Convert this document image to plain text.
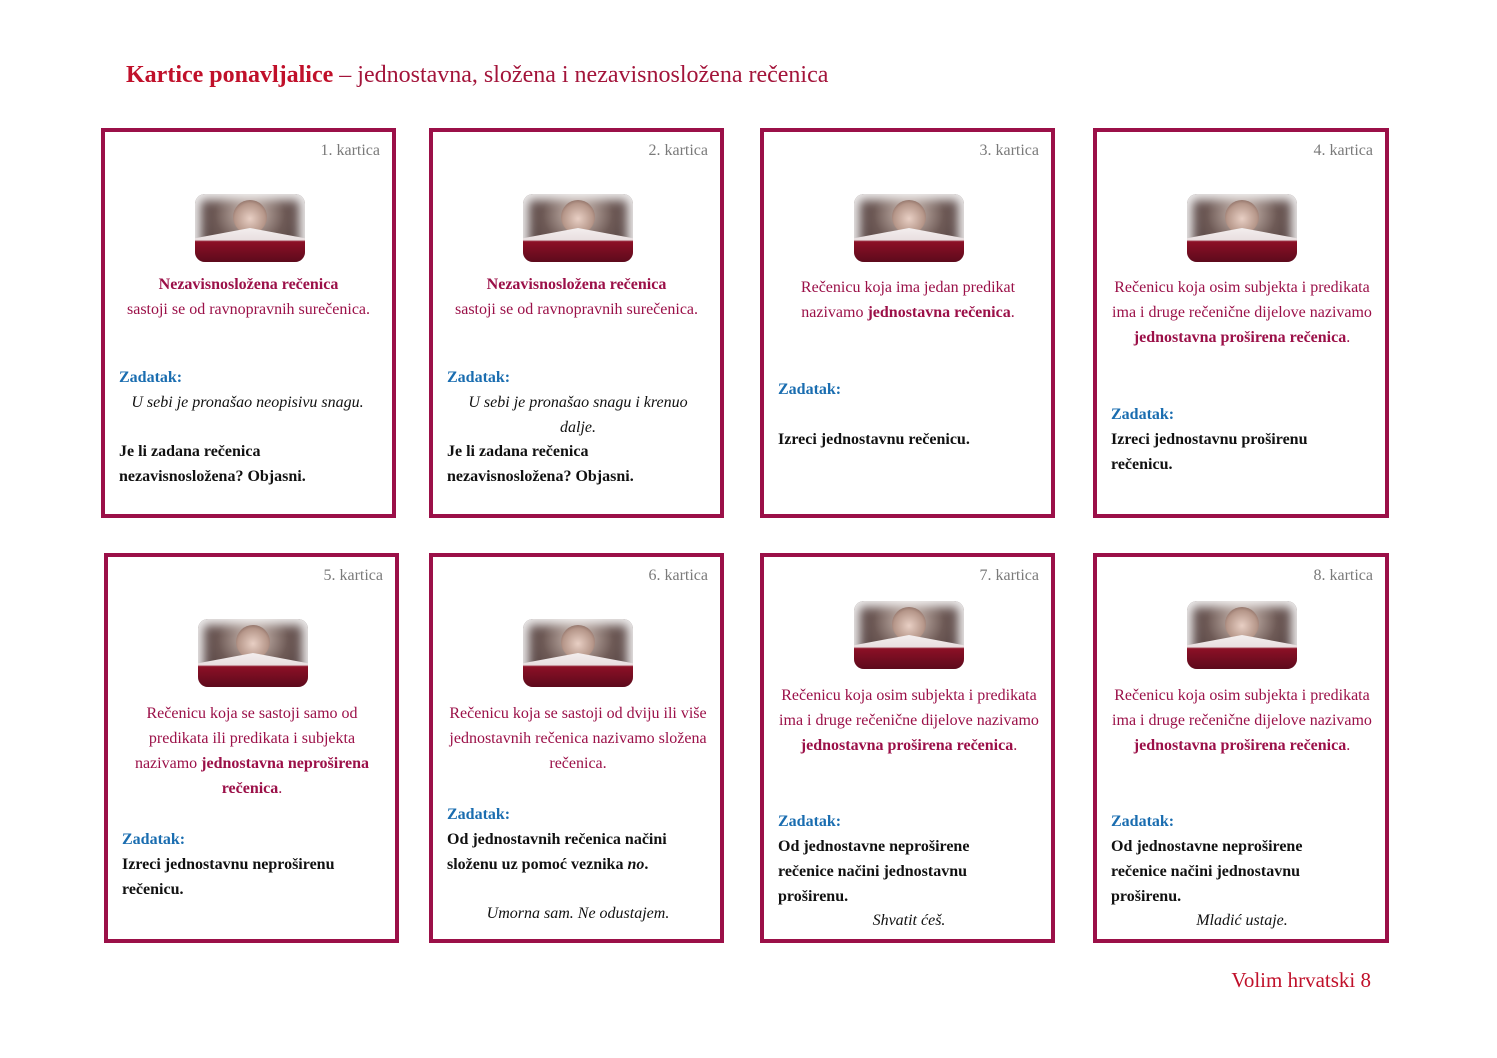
Kartice ponavljalice – jednostavna, složena i nezavisnosložena rečenica
1. kartica
Nezavisnosložena rečenica
sastoji se od ravnopravnih surečenica.
Zadatak:
U sebi je pronašao neopisivu snagu.
Je li zadana rečenica nezavisnosložena? Objasni.
2. kartica
Nezavisnosložena rečenica
sastoji se od ravnopravnih surečenica.
Zadatak:
U sebi je pronašao snagu i krenuo dalje.
Je li zadana rečenica nezavisnosložena? Objasni.
3. kartica
Rečenicu koja ima jedan predikat nazivamo jednostavna rečenica.
Zadatak:
Izreci jednostavnu rečenicu.
4. kartica
Rečenicu koja osim subjekta i predikata ima i druge rečenične dijelove nazivamo jednostavna proširena rečenica.
Zadatak:
Izreci jednostavnu proširenu rečenicu.
5. kartica
Rečenicu koja se sastoji samo od predikata ili predikata i subjekta nazivamo jednostavna neproširena rečenica.
Zadatak:
Izreci jednostavnu neproširenu rečenicu.
6. kartica
Rečenicu koja se sastoji od dviju ili više jednostavnih rečenica nazivamo složena rečenica.
Zadatak:
Od jednostavnih rečenica načini složenu uz pomoć veznika no.
Umorna sam. Ne odustajem.
7. kartica
Rečenicu koja osim subjekta i predikata ima i druge rečenične dijelove nazivamo jednostavna proširena rečenica.
Zadatak:
Od jednostavne neproširene rečenice načini jednostavnu proširenu.
Shvatit ćeš.
8. kartica
Rečenicu koja osim subjekta i predikata ima i druge rečenične dijelove nazivamo jednostavna proširena rečenica.
Zadatak:
Od jednostavne neproširene rečenice načini jednostavnu proširenu.
Mladić ustaje.
Volim hrvatski 8
